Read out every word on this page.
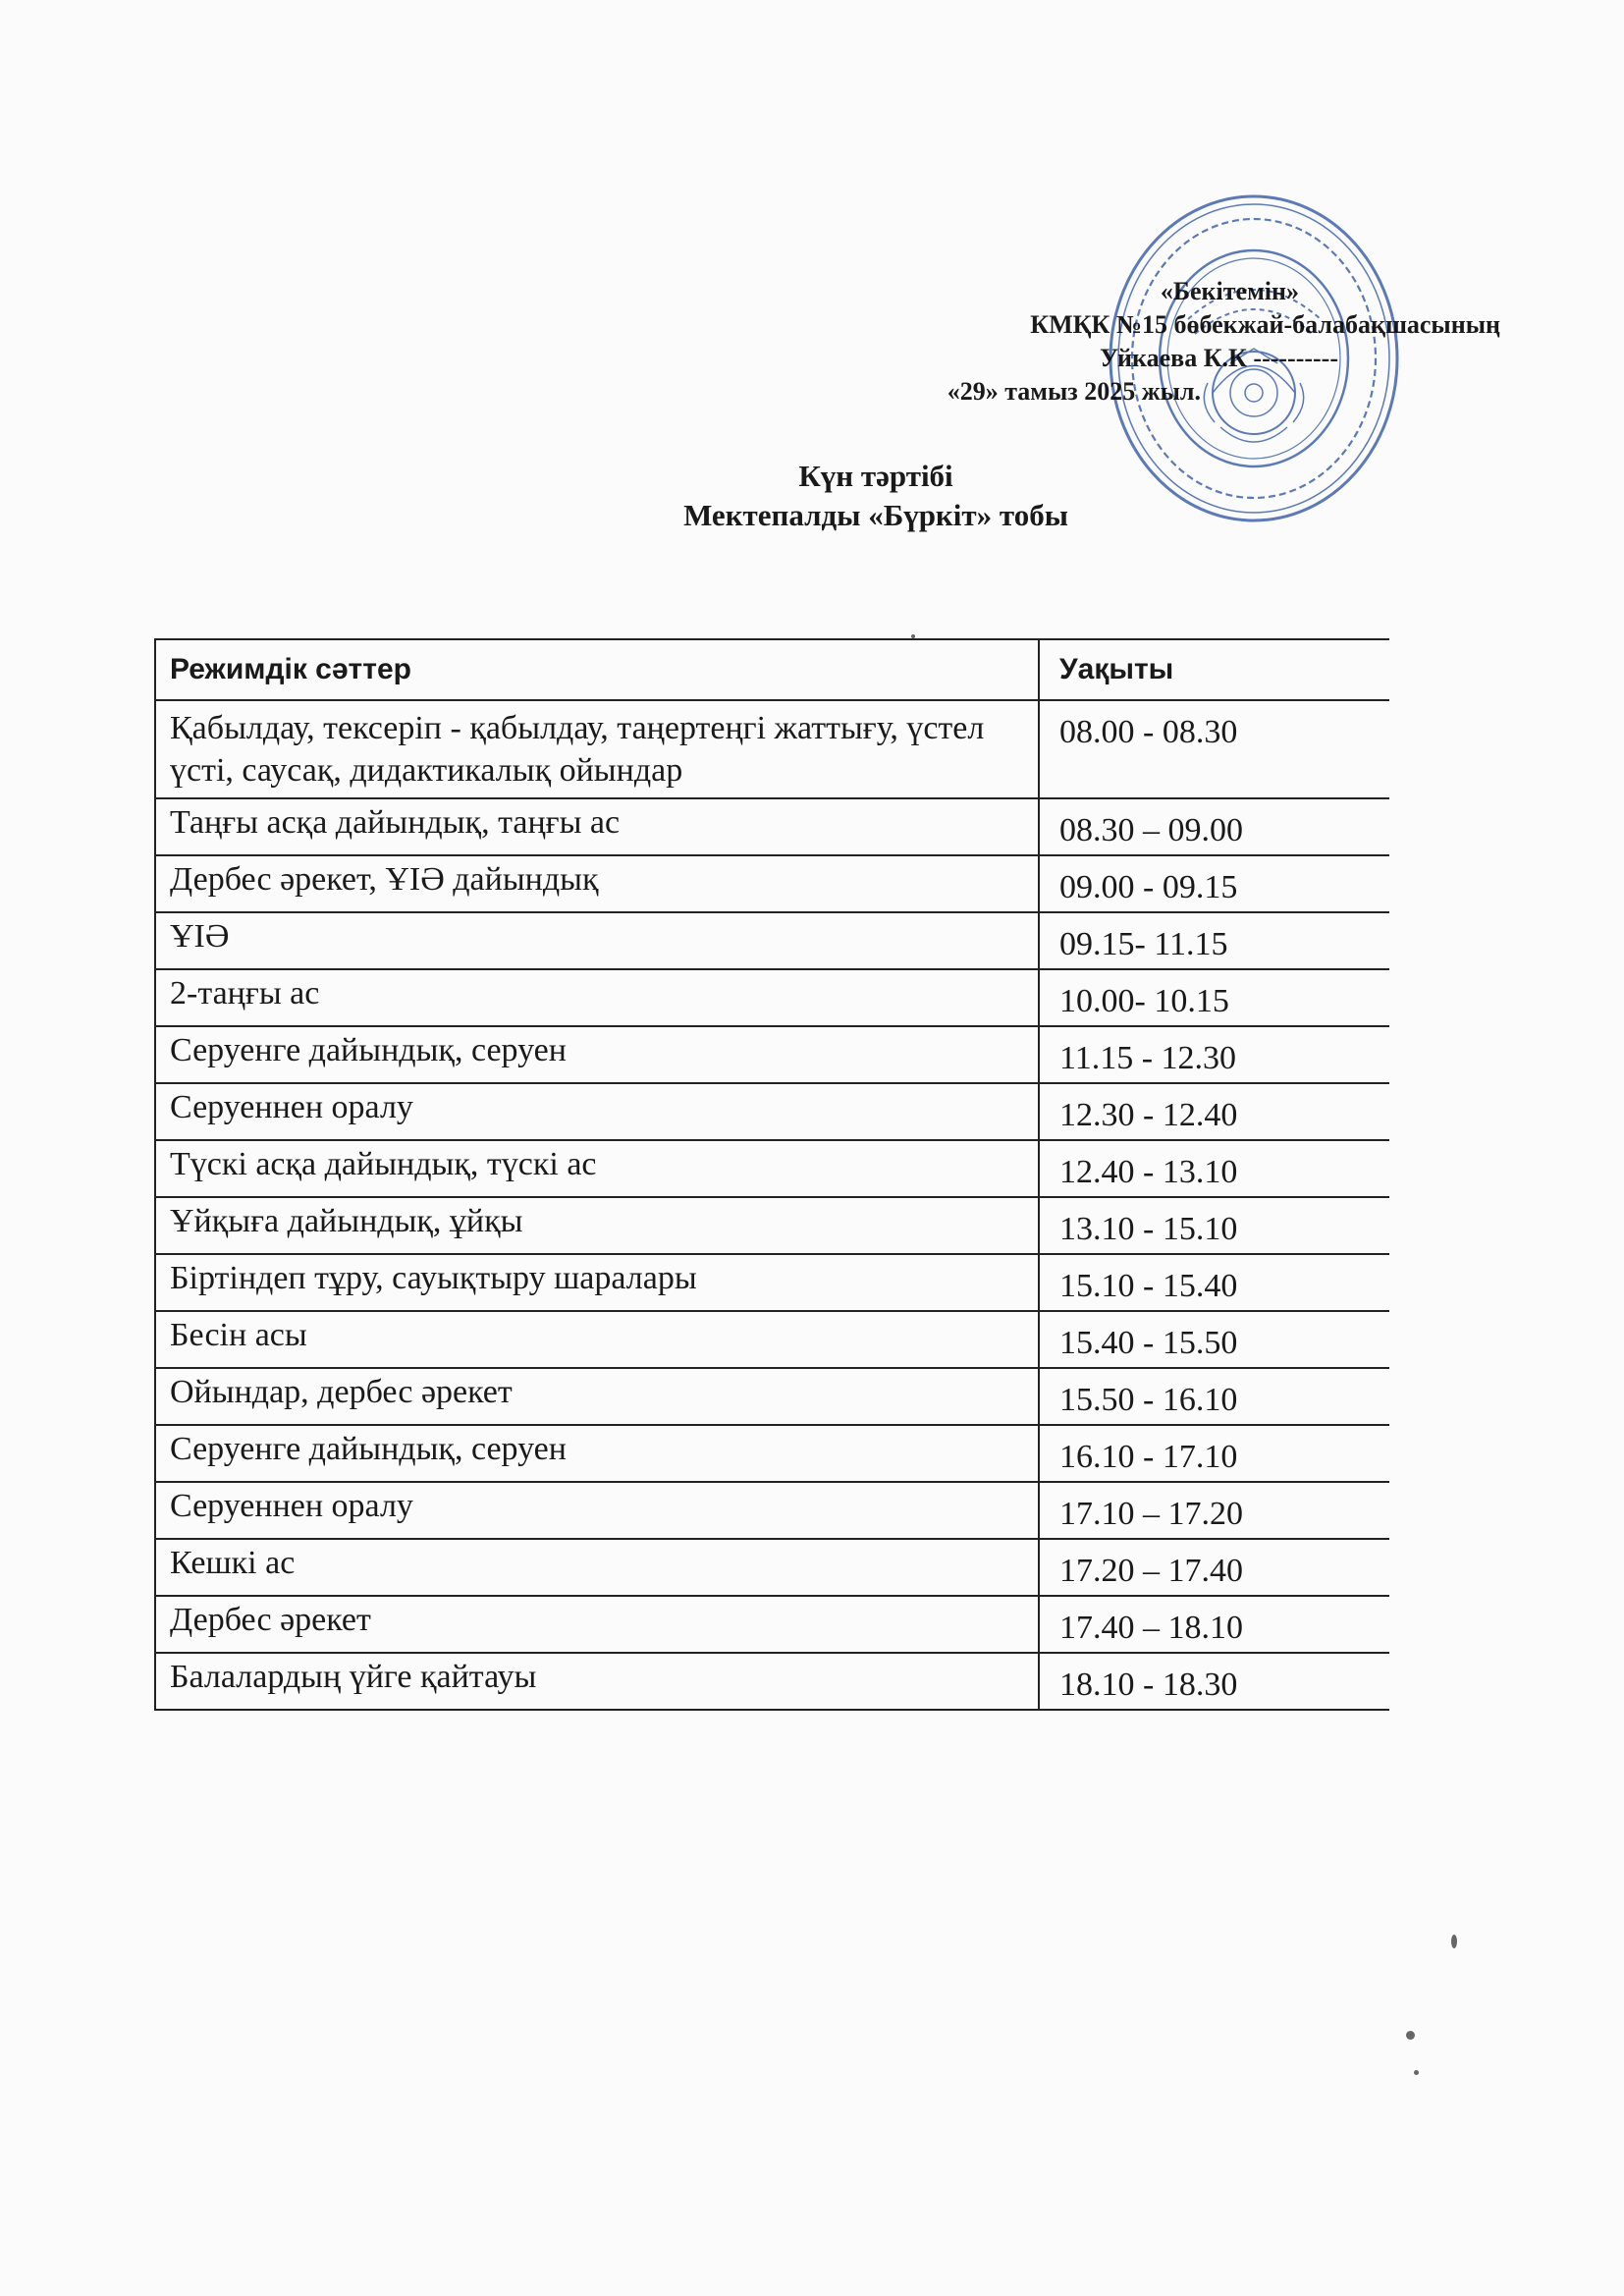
«Бекітемін»
КМҚК №15 бөбекжай-балабақшасының
Уйкаева К.К ----------
«29» тамыз 2025 жыл.
Күн тәртібі
Мектепалды «Бүркіт» тобы
Режимдік сәттер	Уақыты
Қабылдау, тексеріп - қабылдау, таңертеңгі жаттығу, үстел үсті, саусақ, дидактикалық ойындар	08.00 - 08.30
Таңғы асқа дайындық, таңғы ас	08.30 – 09.00
Дербес әрекет, ҰІӘ дайындық	09.00 - 09.15
ҰІӘ	09.15- 11.15
2-таңғы ас	10.00- 10.15
Серуенге дайындық, серуен	11.15 - 12.30
Серуеннен оралу	12.30 - 12.40
Түскі асқа дайындық, түскі ас	12.40 - 13.10
Ұйқыға дайындық, ұйқы	13.10 - 15.10
Біртіндеп тұру, сауықтыру шаралары	15.10 - 15.40
Бесін асы	15.40 - 15.50
Ойындар, дербес әрекет	15.50 - 16.10
Серуенге дайындық, серуен	16.10 - 17.10
Серуеннен оралу	17.10 – 17.20
Кешкі ас	17.20 – 17.40
Дербес әрекет	17.40 – 18.10
Балалардың үйге қайтауы	18.10 - 18.30
